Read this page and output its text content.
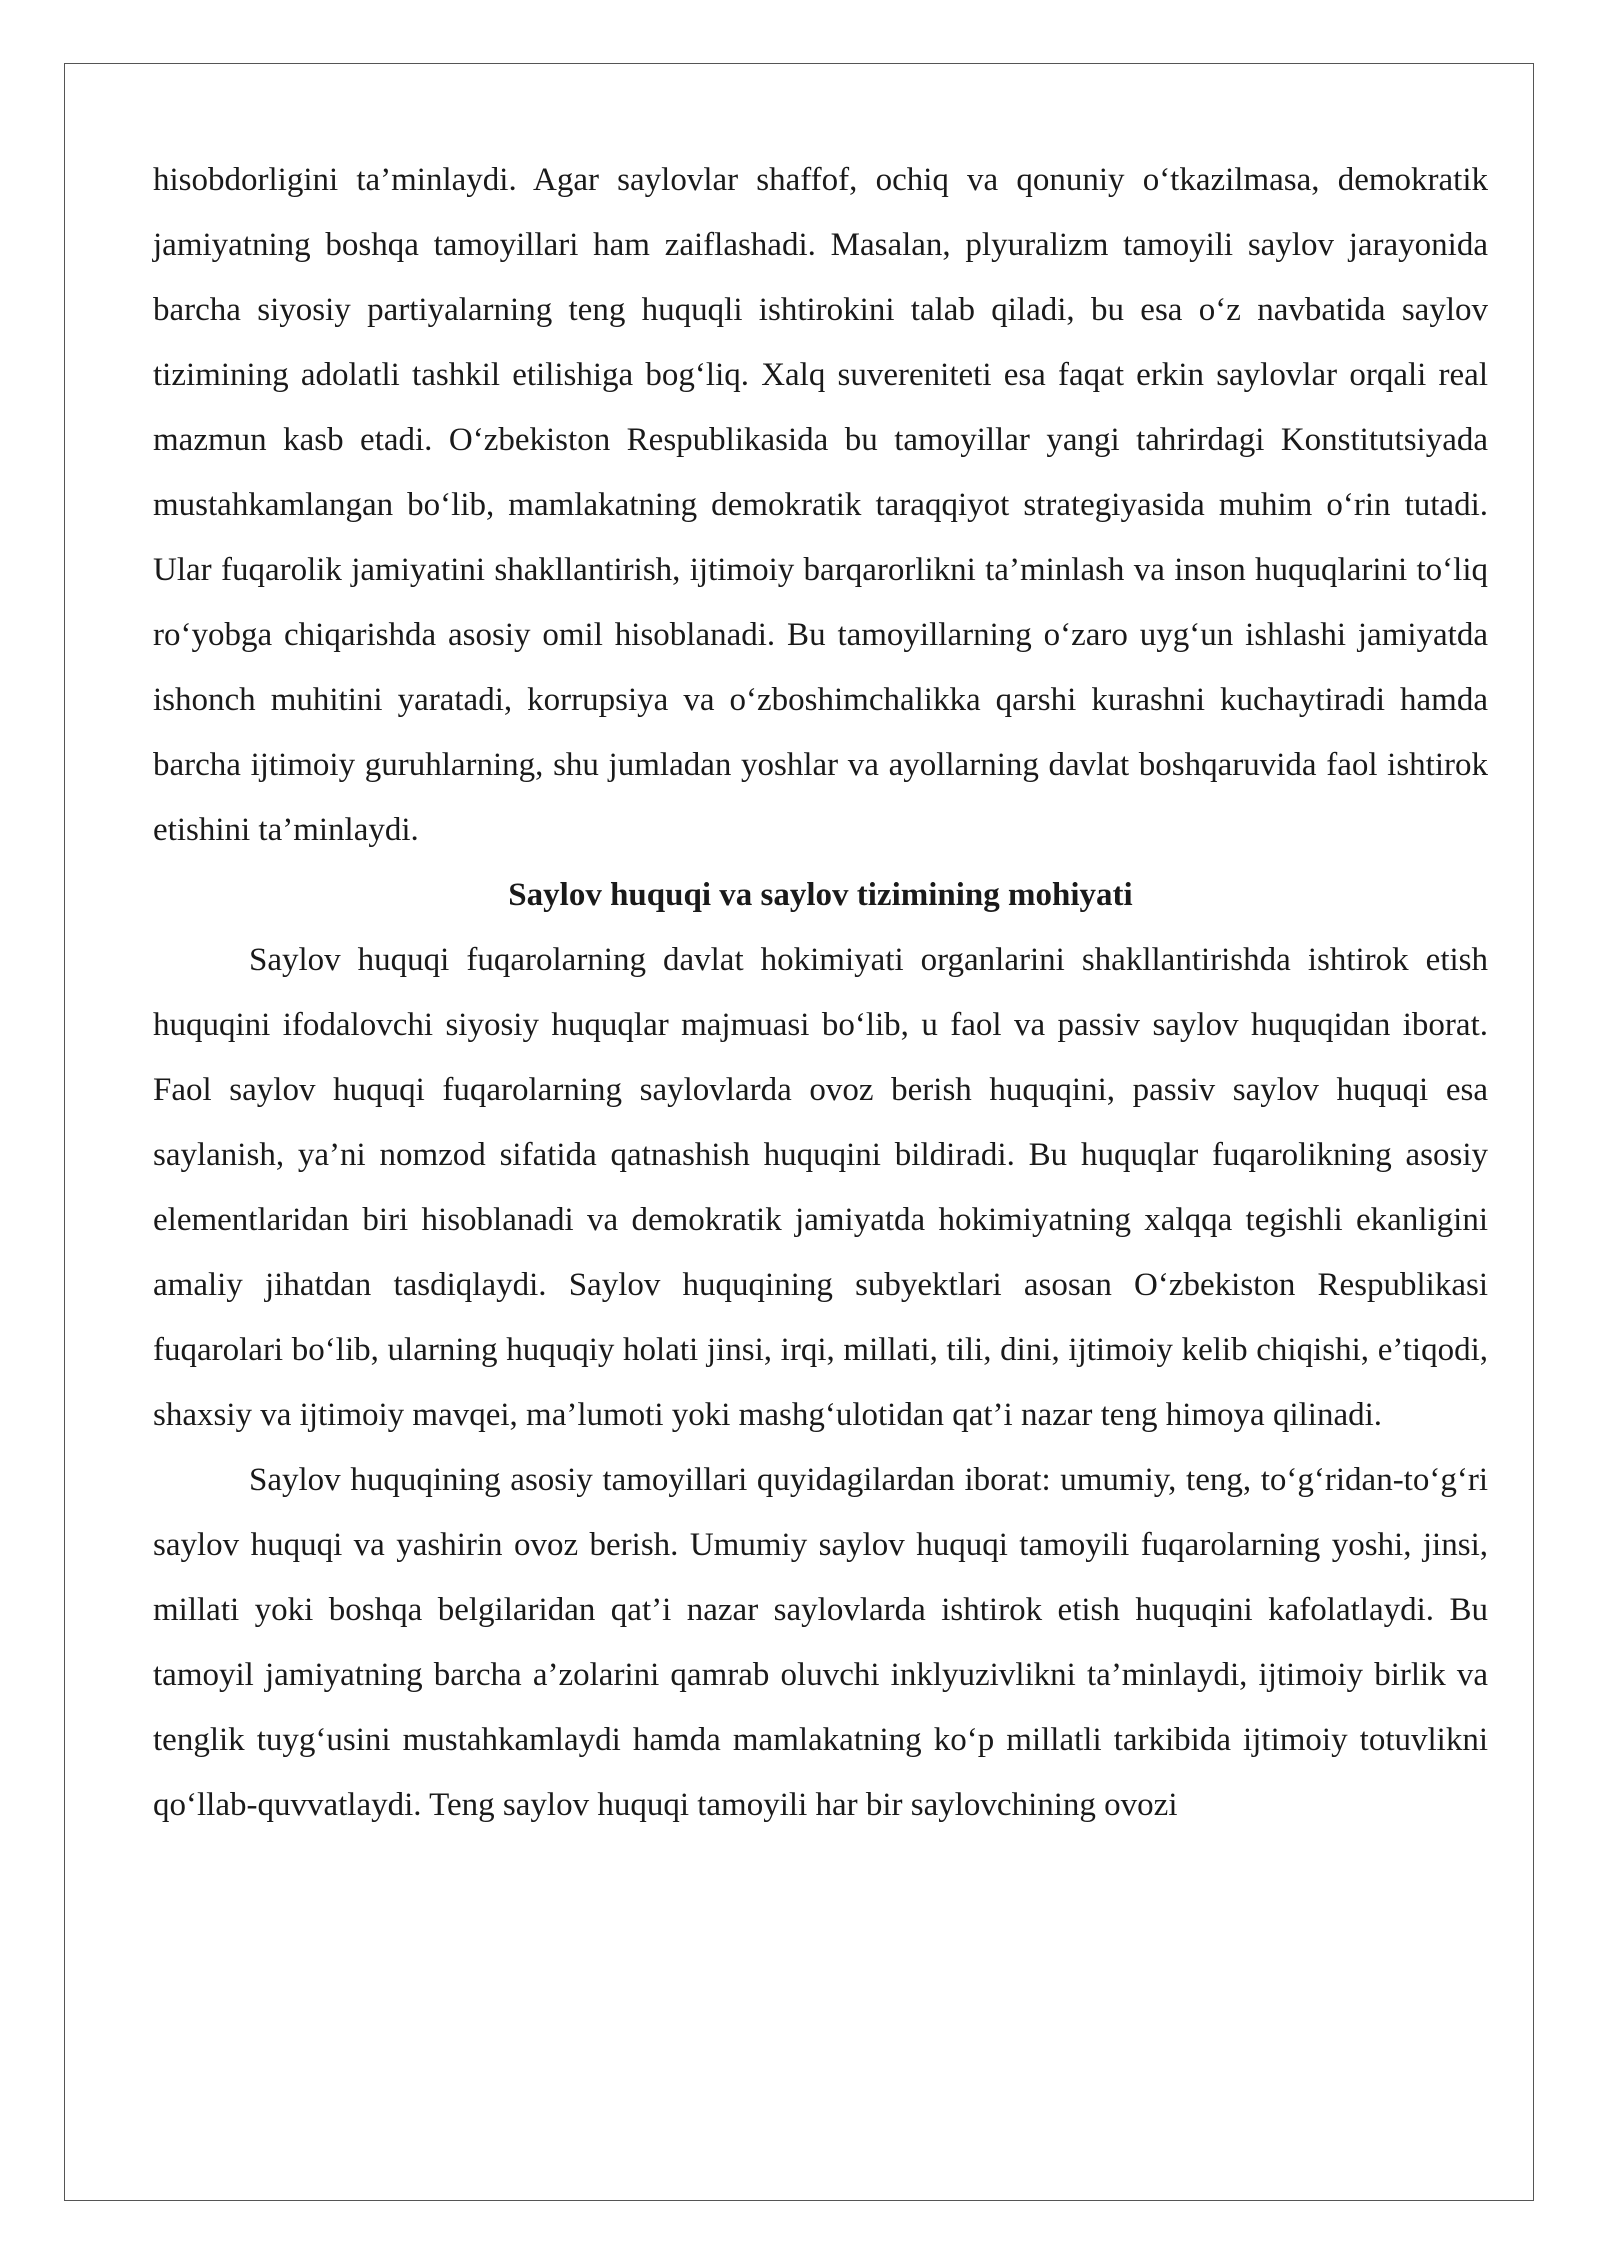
hisobdorligini ta’minlaydi. Agar saylovlar shaffof, ochiq va qonuniy o‘tkazilmasa, demokratik jamiyatning boshqa tamoyillari ham zaiflashadi. Masalan, plyuralizm tamoyili saylov jarayonida barcha siyosiy partiyalarning teng huquqli ishtirokini talab qiladi, bu esa o‘z navbatida saylov tizimining adolatli tashkil etilishiga bog‘liq. Xalq suvereniteti esa faqat erkin saylovlar orqali real mazmun kasb etadi. O‘zbekiston Respublikasida bu tamoyillar yangi tahrirdagi Konstitutsiyada mustahkamlangan bo‘lib, mamlakatning demokratik taraqqiyot strategiyasida muhim o‘rin tutadi. Ular fuqarolik jamiyatini shakllantirish, ijtimoiy barqarorlikni ta’minlash va inson huquqlarini to‘liq ro‘yobga chiqarishda asosiy omil hisoblanadi. Bu tamoyillarning o‘zaro uyg‘un ishlashi jamiyatda ishonch muhitini yaratadi, korrupsiya va o‘zboshimchalikka qarshi kurashni kuchaytiradi hamda barcha ijtimoiy guruhlarning, shu jumladan yoshlar va ayollarning davlat boshqaruvida faol ishtirok etishini ta’minlaydi.

Saylov huquqi va saylov tizimining mohiyati

Saylov huquqi fuqarolarning davlat hokimiyati organlarini shakllantirishda ishtirok etish huquqini ifodalovchi siyosiy huquqlar majmuasi bo‘lib, u faol va passiv saylov huquqidan iborat. Faol saylov huquqi fuqarolarning saylovlarda ovoz berish huquqini, passiv saylov huquqi esa saylanish, ya’ni nomzod sifatida qatnashish huquqini bildiradi. Bu huquqlar fuqarolikning asosiy elementlaridan biri hisoblanadi va demokratik jamiyatda hokimiyatning xalqqa tegishli ekanligini amaliy jihatdan tasdiqlaydi. Saylov huquqining subyektlari asosan O‘zbekiston Respublikasi fuqarolari bo‘lib, ularning huquqiy holati jinsi, irqi, millati, tili, dini, ijtimoiy kelib chiqishi, e’tiqodi, shaxsiy va ijtimoiy mavqei, ma’lumoti yoki mashg‘ulotidan qat’i nazar teng himoya qilinadi.

Saylov huquqining asosiy tamoyillari quyidagilardan iborat: umumiy, teng, to‘g‘ridan-to‘g‘ri saylov huquqi va yashirin ovoz berish. Umumiy saylov huquqi tamoyili fuqarolarning yoshi, jinsi, millati yoki boshqa belgilaridan qat’i nazar saylovlarda ishtirok etish huquqini kafolatlaydi. Bu tamoyil jamiyatning barcha a’zolarini qamrab oluvchi inklyuzivlikni ta’minlaydi, ijtimoiy birlik va tenglik tuyg‘usini mustahkamlaydi hamda mamlakatning ko‘p millatli tarkibida ijtimoiy totuvlikni qo‘llab-quvvatlaydi. Teng saylov huquqi tamoyili har bir saylovchining ovozi
